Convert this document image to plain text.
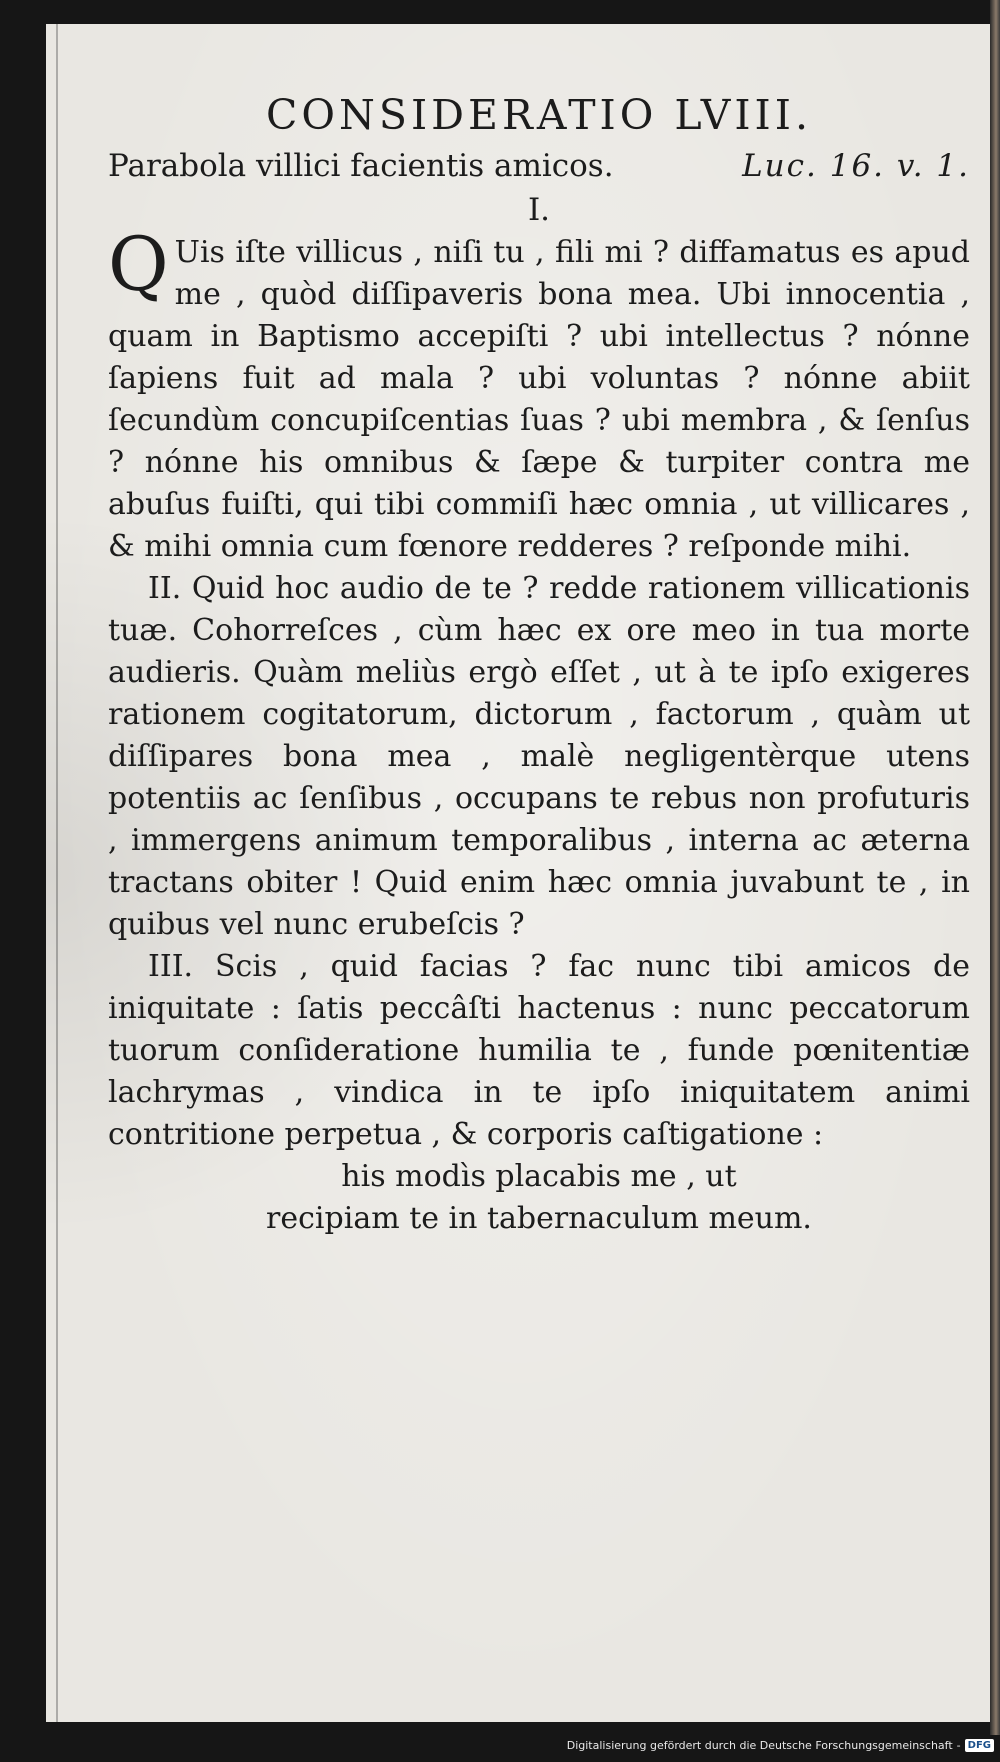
CONSIDERATIO LVIII.
Parabola villici facientis amicos.	Luc. 16. v. 1.
I.

Q Uis iſte villicus , niſi tu , fili mi ? diffamatus es apud me , quòd diſſipaveris bona mea. Ubi innocentia , quam in Baptismo accepiſti ? ubi intellectus ? nónne ſapiens fuit ad mala ? ubi voluntas ? nónne abiit ſecundùm concupiſcentias ſuas ? ubi membra , & ſenſus ? nónne his omnibus & ſæpe & turpiter contra me abuſus fuiſti, qui tibi commiſi hæc omnia , ut villicares , & mihi omnia cum fœnore redderes ? reſponde mihi.

II. Quid hoc audio de te ? redde rationem villicationis tuæ. Cohorreſces , cùm hæc ex ore meo in tua morte audieris. Quàm meliùs ergò eſſet , ut à te ipſo exigeres rationem cogitatorum, dictorum , factorum , quàm ut diſſipares bona mea , malè negligentèrque utens potentiis ac ſenſibus , occupans te rebus non profuturis , immergens animum temporalibus , interna ac æterna tractans obiter ! Quid enim hæc omnia juvabunt te , in quibus vel nunc erubeſcis ?

III. Scis , quid facias ? fac nunc tibi amicos de iniquitate : ſatis peccâſti hactenus : nunc peccatorum tuorum conſideratione humilia te , funde pœnitentiæ lachrymas , vindica in te ipſo iniquitatem animi contritione perpetua , & corporis caſtigatione :

his modìs placabis me , ut

recipiam te in tabernaculum meum.

Digitalisierung gefördert durch die Deutsche Forschungsgemeinschaft - DFG
